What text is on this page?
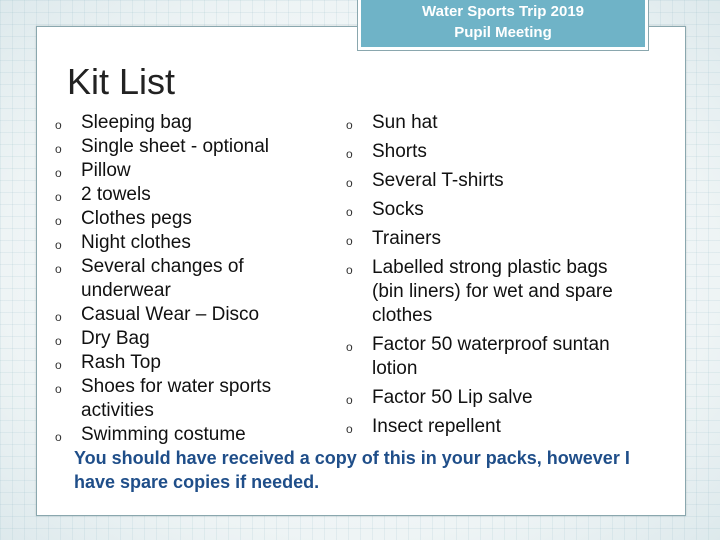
Water Sports Trip 2019
Pupil Meeting
Kit List
o Sleeping bag
o Single sheet - optional
o Pillow
o 2 towels
o Clothes pegs
o Night clothes
o Several changes of underwear
o Casual Wear – Disco
o Dry Bag
o Rash Top
o Shoes for water sports activities
o Swimming costume
o Sun hat
o Shorts
o Several T-shirts
o Socks
o Trainers
o Labelled strong plastic bags (bin liners) for wet and spare clothes
o Factor 50 waterproof suntan lotion
o Factor 50 Lip salve
o Insect repellent
You should have received a copy of this in your packs, however I have spare copies if needed.
